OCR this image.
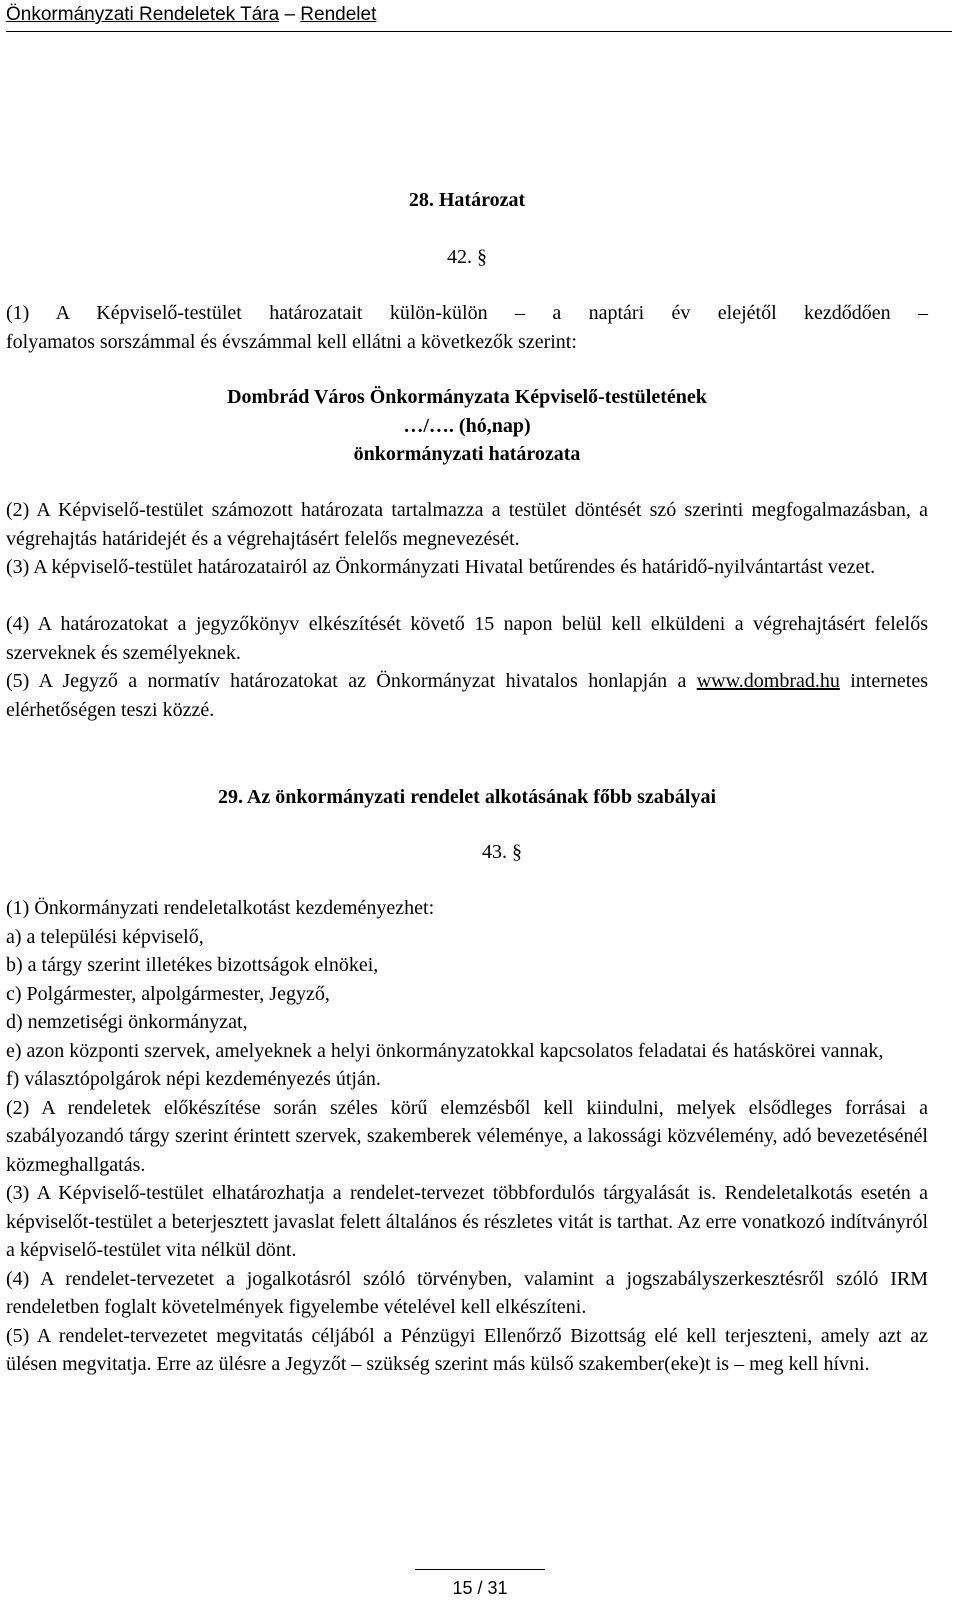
Önkormányzati Rendeletek Tára – Rendelet
28. Határozat
42. §
(1) A Képviselő-testület határozatait külön-külön – a naptári év elejétől kezdődően –
folyamatos sorszámmal és évszámmal kell ellátni a következők szerint:
Dombrád Város Önkormányzata Képviselő-testületének
…/…. (hó,nap)
önkormányzati határozata
(2) A Képviselő-testület számozott határozata tartalmazza a testület döntését szó szerinti megfogalmazásban, a végrehajtás határidejét és a végrehajtásért felelős megnevezését.
(3) A képviselő-testület határozatairól az Önkormányzati Hivatal betűrendes és határidő-nyilvántartást vezet.
(4) A határozatokat a jegyzőkönyv elkészítését követő 15 napon belül kell elküldeni a végrehajtásért felelős szerveknek és személyeknek.
(5) A Jegyző a normatív határozatokat az Önkormányzat hivatalos honlapján a www.dombrad.hu internetes elérhetőségen teszi közzé.
29. Az önkormányzati rendelet alkotásának főbb szabályai
43. §
(1) Önkormányzati rendeletalkotást kezdeményezhet:
a) a települési képviselő,
b) a tárgy szerint illetékes bizottságok elnökei,
c) Polgármester, alpolgármester, Jegyző,
d) nemzetiségi önkormányzat,
e) azon központi szervek, amelyeknek a helyi önkormányzatokkal kapcsolatos feladatai és hatáskörei vannak,
f) választópolgárok népi kezdeményezés útján.
(2) A rendeletek előkészítése során széles körű elemzésből kell kiindulni, melyek elsődleges forrásai a szabályozandó tárgy szerint érintett szervek, szakemberek véleménye, a lakossági közvélemény, adó bevezetésénél közmeghallgatás.
(3) A Képviselő-testület elhatározhatja a rendelet-tervezet többfordulós tárgyalását is. Rendeletalkotás esetén a képviselőt-testület a beterjesztett javaslat felett általános és részletes vitát is tarthat. Az erre vonatkozó indítványról a képviselő-testület vita nélkül dönt.
(4) A rendelet-tervezetet a jogalkotásról szóló törvényben, valamint a jogszabályszerkesztésről szóló IRM rendeletben foglalt követelmények figyelembe vételével kell elkészíteni.
(5) A rendelet-tervezetet megvitatás céljából a Pénzügyi Ellenőrző Bizottság elé kell terjeszteni, amely azt az ülésen megvitatja. Erre az ülésre a Jegyzőt – szükség szerint más külső szakember(eke)t is – meg kell hívni.
15 / 31
